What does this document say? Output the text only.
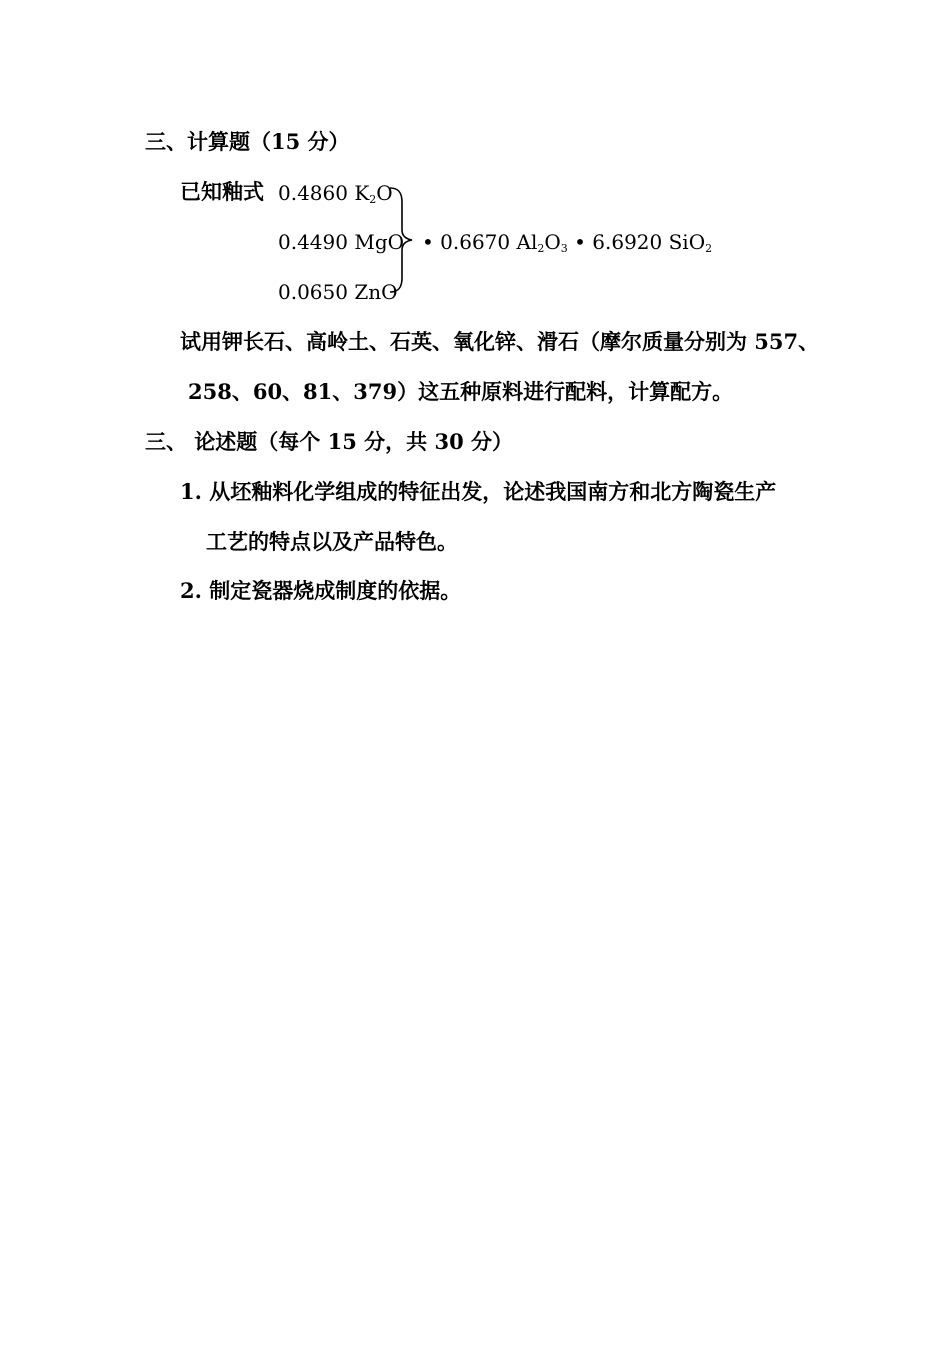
三、计算题（15 分）
已知釉式 0.4860 $K_2O$
0.4490 MgO
0.0650 ZnO
• 0.6670 $Al_2O_3$ • 6.6920 SiO$_2$
试用钾长石、高岭土、石英、氧化锌、滑石（摩尔质量分别为 557、
258、60、81、379）这五种原料进行配料，计算配方。
三、 论述题（每个 15 分，共 30 分）
1. 从坯釉料化学组成的特征出发，论述我国南方和北方陶瓷生产
工艺的特点以及产品特色。
2. 制定瓷器烧成制度的依据。
